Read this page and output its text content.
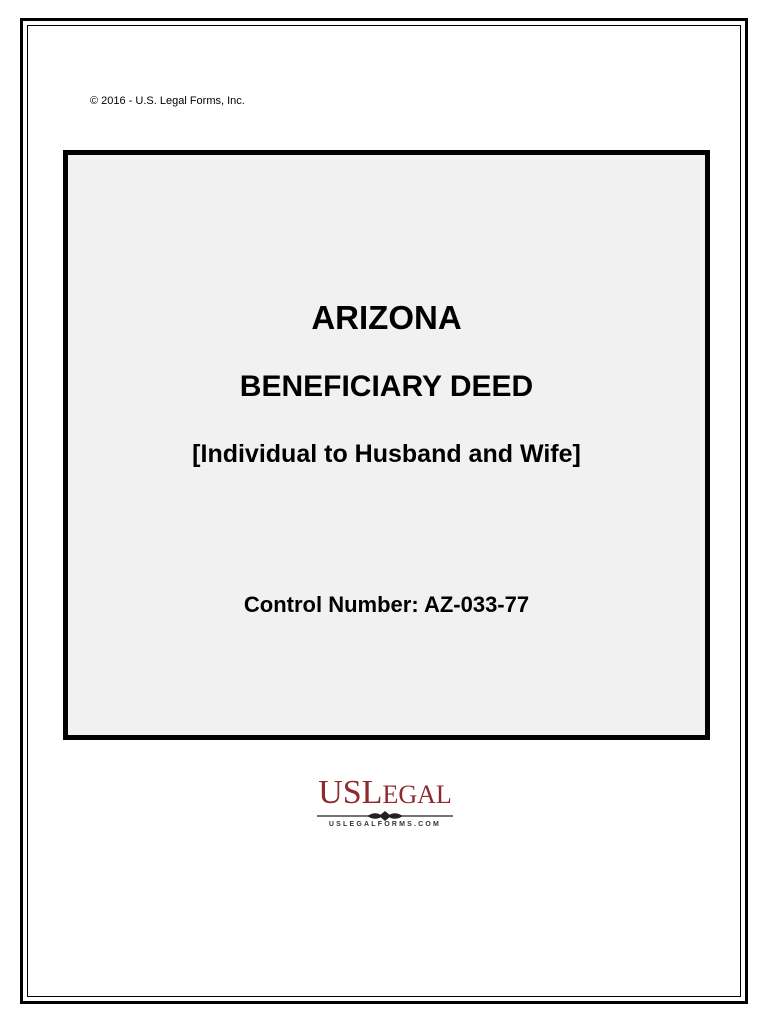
© 2016 - U.S. Legal Forms, Inc.
ARIZONA
BENEFICIARY DEED
[Individual to Husband and Wife]
Control Number: AZ-033-77
USLEGAL
USLEGALFORMS.COM
